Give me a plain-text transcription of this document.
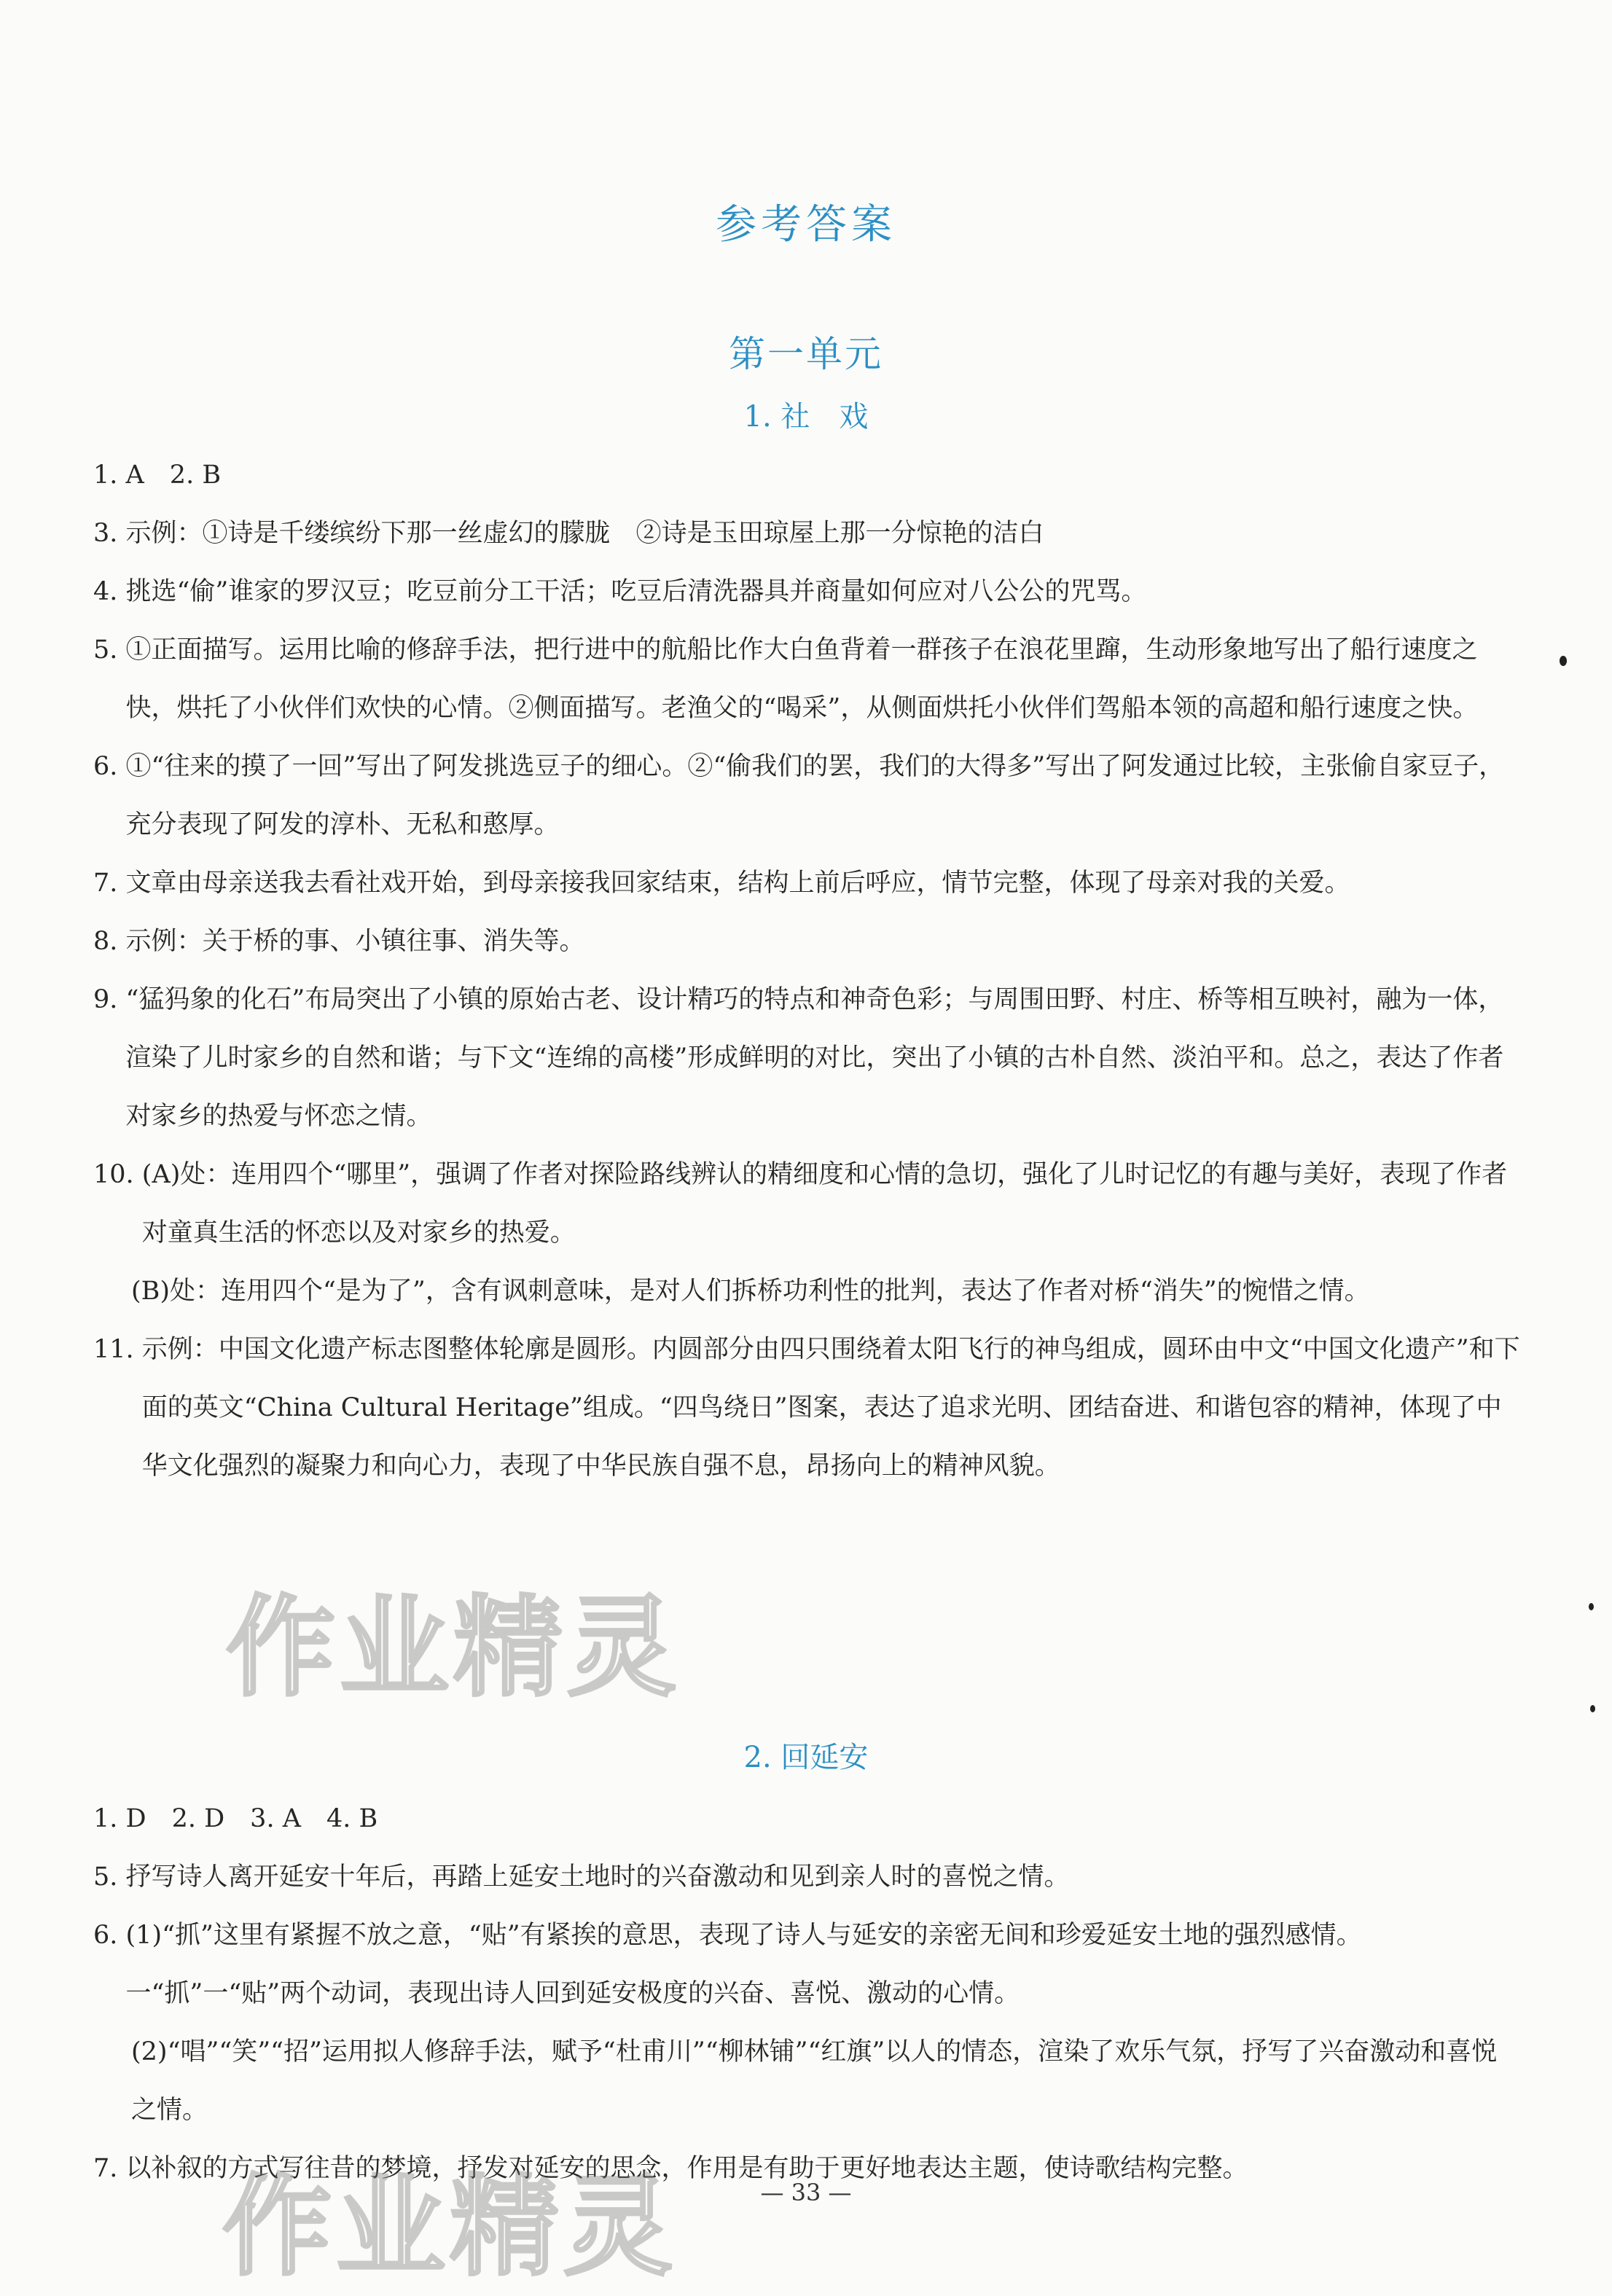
参考答案
第一单元
1. 社　戏

1. A　2. B

3. 示例：①诗是千缕缤纷下那一丝虚幻的朦胧　②诗是玉田琼屋上那一分惊艳的洁白

4. 挑选“偷”谁家的罗汉豆；吃豆前分工干活；吃豆后清洗器具并商量如何应对八公公的咒骂。

5. ①正面描写。运用比喻的修辞手法，把行进中的航船比作大白鱼背着一群孩子在浪花里蹿，生动形象地写出了船行速度之快，烘托了小伙伴们欢快的心情。②侧面描写。老渔父的“喝采”，从侧面烘托小伙伴们驾船本领的高超和船行速度之快。

6. ①“往来的摸了一回”写出了阿发挑选豆子的细心。②“偷我们的罢，我们的大得多”写出了阿发通过比较，主张偷自家豆子，充分表现了阿发的淳朴、无私和憨厚。

7. 文章由母亲送我去看社戏开始，到母亲接我回家结束，结构上前后呼应，情节完整，体现了母亲对我的关爱。

8. 示例：关于桥的事、小镇往事、消失等。

9. “猛犸象的化石”布局突出了小镇的原始古老、设计精巧的特点和神奇色彩；与周围田野、村庄、桥等相互映衬，融为一体，渲染了儿时家乡的自然和谐；与下文“连绵的高楼”形成鲜明的对比，突出了小镇的古朴自然、淡泊平和。总之，表达了作者对家乡的热爱与怀恋之情。

10. (A)处：连用四个“哪里”，强调了作者对探险路线辨认的精细度和心情的急切，强化了儿时记忆的有趣与美好，表现了作者对童真生活的怀恋以及对家乡的热爱。

(B)处：连用四个“是为了”，含有讽刺意味，是对人们拆桥功利性的批判，表达了作者对桥“消失”的惋惜之情。

11. 示例：中国文化遗产标志图整体轮廓是圆形。内圆部分由四只围绕着太阳飞行的神鸟组成，圆环由中文“中国文化遗产”和下面的英文“China Cultural Heritage”组成。“四鸟绕日”图案，表达了追求光明、团结奋进、和谐包容的精神，体现了中华文化强烈的凝聚力和向心力，表现了中华民族自强不息，昂扬向上的精神风貌。

2. 回延安

1. D　2. D　3. A　4. B

5. 抒写诗人离开延安十年后，再踏上延安土地时的兴奋激动和见到亲人时的喜悦之情。

6. (1)“抓”这里有紧握不放之意，“贴”有紧挨的意思，表现了诗人与延安的亲密无间和珍爱延安土地的强烈感情。一“抓”一“贴”两个动词，表现出诗人回到延安极度的兴奋、喜悦、激动的心情。

(2)“唱”“笑”“招”运用拟人修辞手法，赋予“杜甫川”“柳林铺”“红旗”以人的情态，渲染了欢乐气氛，抒写了兴奋激动和喜悦之情。

7. 以补叙的方式写往昔的梦境，抒发对延安的思念，作用是有助于更好地表达主题，使诗歌结构完整。

作业精灵
作业精灵	— 33 —
